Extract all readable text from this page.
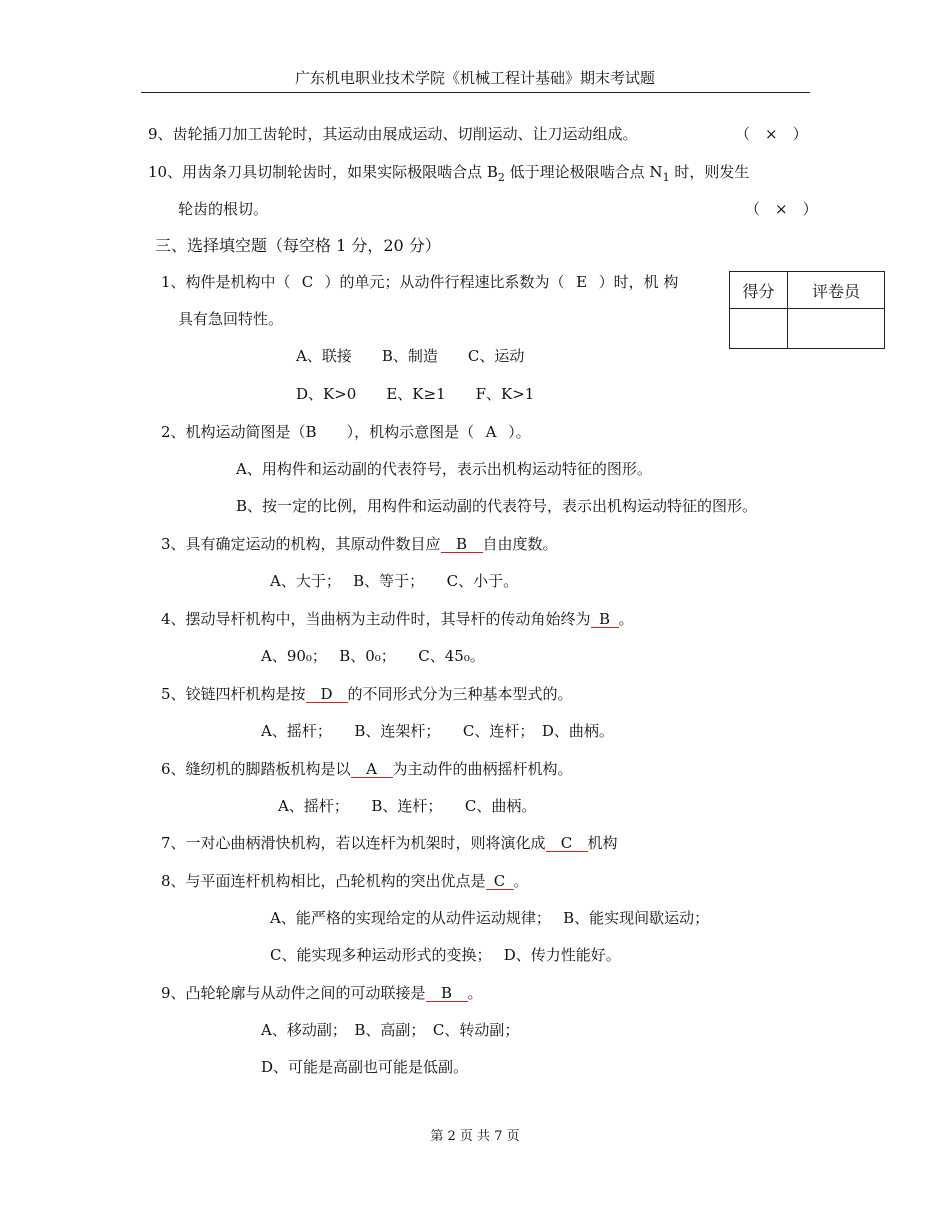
广东机电职业技术学院《机械工程计基础》期末考试题
9、齿轮插刀加工齿轮时，其运动由展成运动、切削运动、让刀运动组成。	（　×　）
10、用齿条刀具切制轮齿时，如果实际极限啮合点 $B_2$ 低于理论极限啮合点 $N_1$ 时，则发生
轮齿的根切。	（　×　）
三、选择填空题（每空格 1 分，20 分）
得分	评卷员

1、构件是机构中（ C ）的单元；从动件行程速比系数为（ E ）时，机 构
具有急回特性。
A、联接　　B、制造　　C、运动
D、K>0　　E、K≥1　　F、K>1
2、机构运动简图是（B　　），机构示意图是（ A ）。
A、用构件和运动副的代表符号，表示出机构运动特征的图形。
B、按一定的比例，用构件和运动副的代表符号，表示出机构运动特征的图形。
3、具有确定运动的机构，其原动件数目应 B 自由度数。
A、大于；　 B、等于；　　C、小于。
4、摆动导杆机构中，当曲柄为主动件时，其导杆的传动角始终为 B 。
A、90₀；　 B、0₀；　　C、45₀。
5、铰链四杆机构是按 D 的不同形式分为三种基本型式的。
A、摇杆；　　B、连架杆；　　C、连杆；　D、曲柄。
6、缝纫机的脚踏板机构是以 A 为主动件的曲柄摇杆机构。
A、摇杆；　　B、连杆；　　C、曲柄。
7、一对心曲柄滑快机构，若以连杆为机架时，则将演化成 C 机构
8、与平面连杆机构相比，凸轮机构的突出优点是 C 。
A、能严格的实现给定的从动件运动规律；　 B、能实现间歇运动；
C、能实现多种运动形式的变换；　 D、传力性能好。
9、凸轮轮廓与从动件之间的可动联接是 B 。
A、移动副；　B、高副；　C、转动副；
D、可能是高副也可能是低副。
第 2 页 共 7 页
